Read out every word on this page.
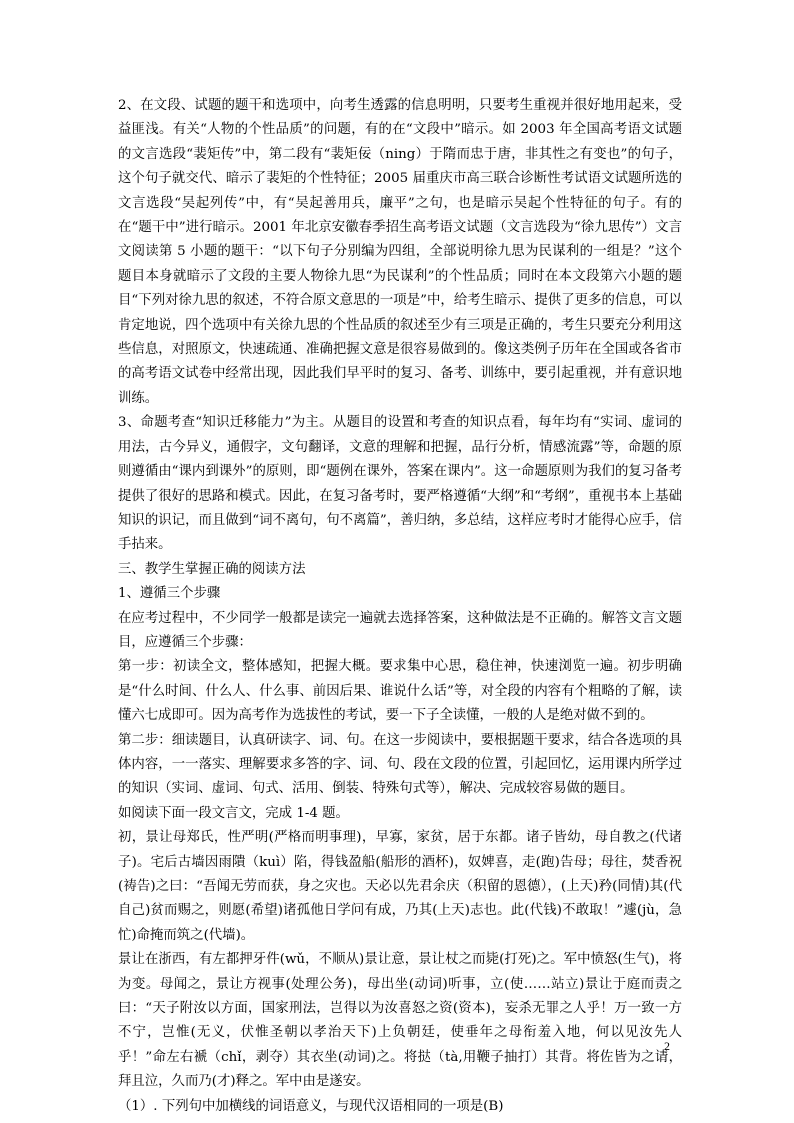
2、在文段、试题的题干和选项中，向考生透露的信息明明，只要考生重视并很好地用起来，受益匪浅。有关“人物的个性品质”的问题，有的在“文段中”暗示。如 2003 年全国高考语文试题的文言选段“裴矩传”中，第二段有“裴矩佞（ning）于隋而忠于唐，非其性之有变也”的句子，这个句子就交代、暗示了裴矩的个性特征；2005 届重庆市高三联合诊断性考试语文试题所选的文言选段“吴起列传”中，有“吴起善用兵，廉平”之句，也是暗示吴起个性特征的句子。有的在“题干中”进行暗示。2001 年北京安徽春季招生高考语文试题（文言选段为“徐九思传”）文言文阅读第 5 小题的题干：“以下句子分别编为四组，全部说明徐九思为民谋利的一组是？”这个题目本身就暗示了文段的主要人物徐九思“为民谋利”的个性品质；同时在本文段第六小题的题目“下列对徐九思的叙述，不符合原文意思的一项是”中，给考生暗示、提供了更多的信息，可以肯定地说，四个选项中有关徐九思的个性品质的叙述至少有三项是正确的，考生只要充分利用这些信息，对照原文，快速疏通、准确把握文意是很容易做到的。像这类例子历年在全国或各省市的高考语文试卷中经常出现，因此我们早平时的复习、备考、训练中，要引起重视，并有意识地训练。

3、命题考查“知识迁移能力”为主。从题目的设置和考查的知识点看，每年均有“实词、虚词的用法，古今异义，通假字，文句翻译，文意的理解和把握，品行分析，情感流露”等，命题的原则遵循由“课内到课外”的原则，即“题例在课外，答案在课内”。这一命题原则为我们的复习备考提供了很好的思路和模式。因此，在复习备考时，要严格遵循“大纲”和“考纲”，重视书本上基础知识的识记，而且做到“词不离句，句不离篇”，善归纳，多总结，这样应考时才能得心应手，信手拈来。

三、教学生掌握正确的阅读方法

1、遵循三个步骤

在应考过程中，不少同学一般都是读完一遍就去选择答案，这种做法是不正确的。解答文言文题目，应遵循三个步骤：

第一步：初读全文，整体感知，把握大概。要求集中心思，稳住神，快速浏览一遍。初步明确是“什么时间、什么人、什么事、前因后果、谁说什么话”等，对全段的内容有个粗略的了解，读懂六七成即可。因为高考作为选拔性的考试，要一下子全读懂，一般的人是绝对做不到的。

第二步：细读题目，认真研读字、词、句。在这一步阅读中，要根据题干要求，结合各选项的具体内容，一一落实、理解要求多答的字、词、句、段在文段的位置，引起回忆，运用课内所学过的知识（实词、虚词、句式、活用、倒装、特殊句式等），解决、完成较容易做的题目。

如阅读下面一段文言文，完成 1-4 题。

初，景让母郑氏，性严明(严格而明事理)，早寡，家贫，居于东都。诸子皆幼，母自教之(代诸子)。宅后古墙因雨隤（kuì）陷，得钱盈船(船形的酒杯)，奴婢喜，走(跑)告母；母往，焚香祝(祷告)之曰：“吾闻无劳而获，身之灾也。天必以先君余庆（积留的恩德），(上天)矜(同情)其(代自己)贫而赐之，则愿(希望)诸孤他日学问有成，乃其(上天)志也。此(代钱)不敢取！”遽(jù，急忙)命掩而筑之(代墙)。

景让在浙西，有左都押牙件(wǔ，不顺从)景让意，景让杖之而毙(打死)之。军中愤怒(生气)，将为变。母闻之，景让方视事(处理公务)，母出坐(动词)听事，立(使……站立)景让于庭而责之曰：“天子附汝以方面，国家刑法，岂得以为汝喜怒之资(资本)，妄杀无罪之人乎！万一致一方不宁，岂惟(无义，伏惟圣朝以孝治天下)上负朝廷，使垂年之母衔羞入地，何以见汝先人乎！”命左右褫（chǐ，剥夺）其衣坐(动词)之。将挞（tà,用鞭子抽打）其背。将佐皆为之请，拜且泣，久而乃(才)释之。军中由是遂安。

（1）. 下列句中加横线的词语意义，与现代汉语相同的一项是(B)

2
